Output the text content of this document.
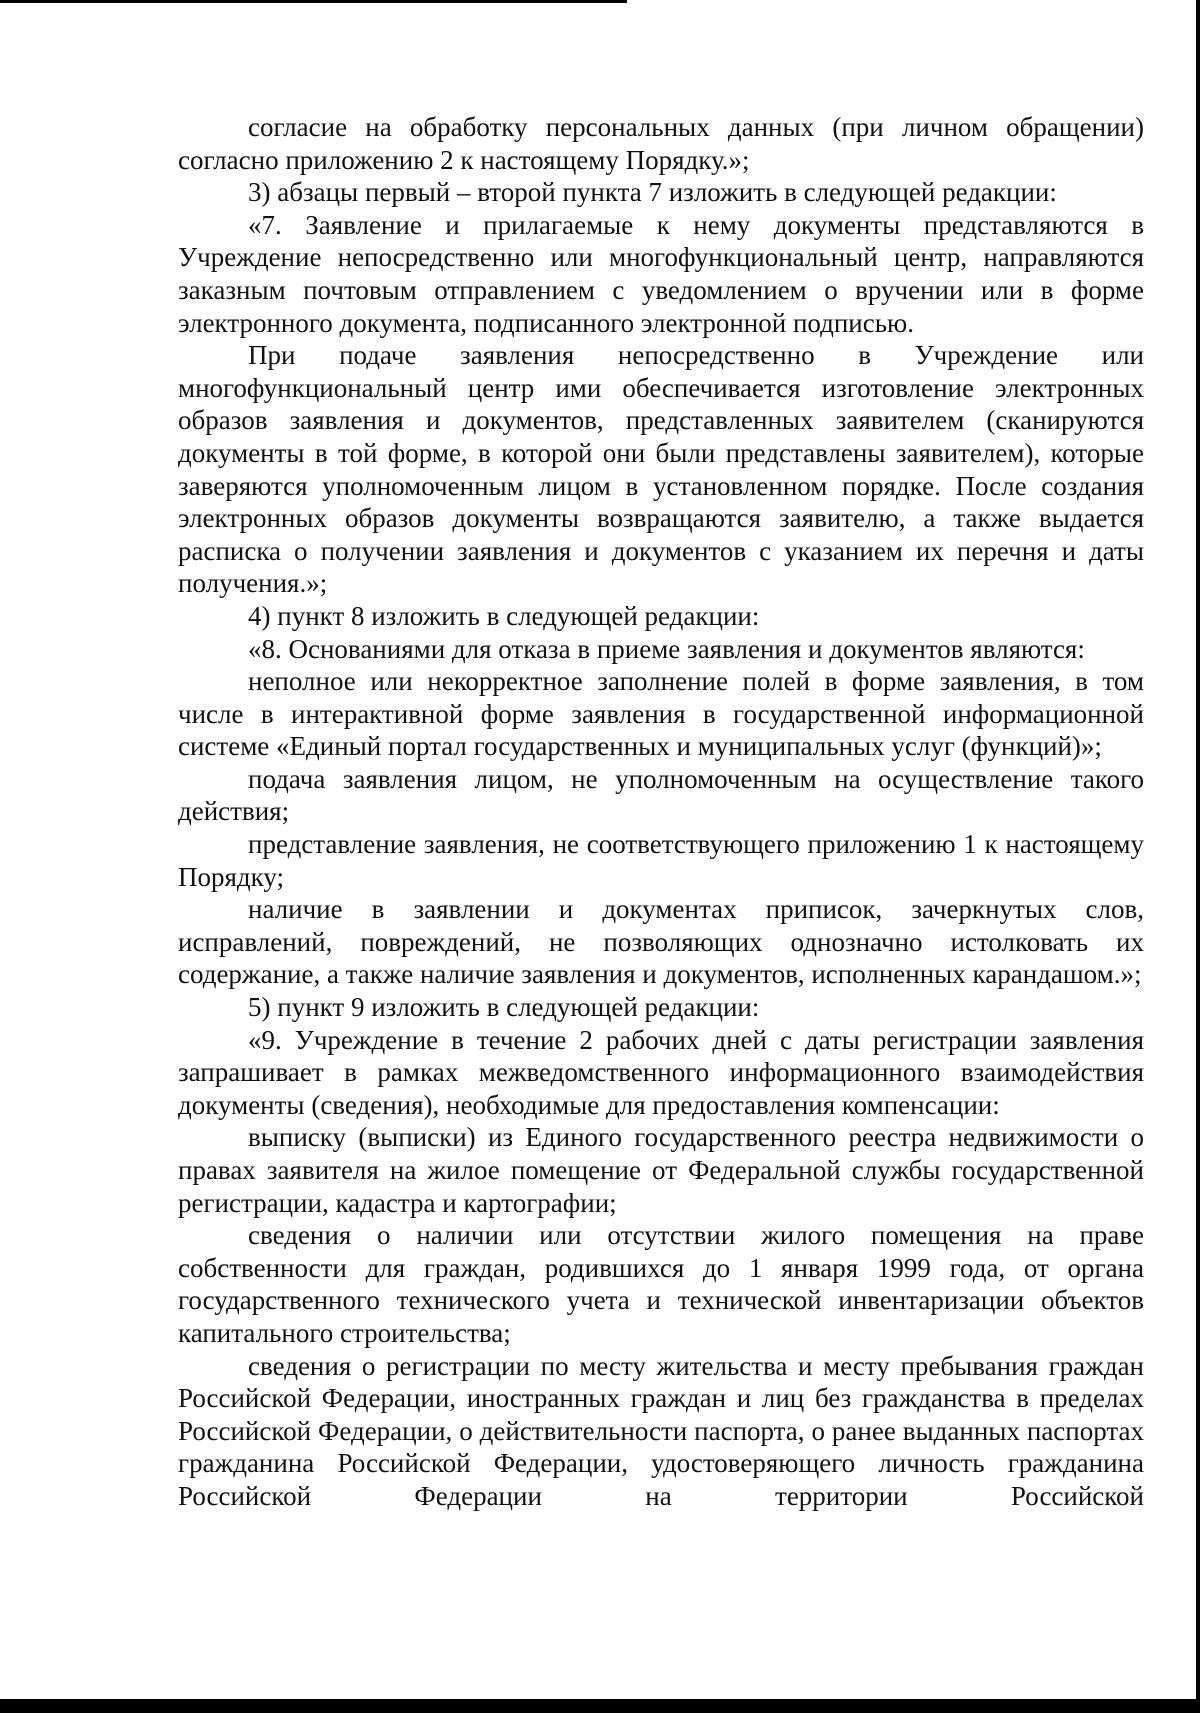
согласие на обработку персональных данных (при личном обращении) согласно приложению 2 к настоящему Порядку.»;

3) абзацы первый – второй пункта 7 изложить в следующей редакции:

«7. Заявление и прилагаемые к нему документы представляются в Учреждение непосредственно или многофункциональный центр, направляются заказным почтовым отправлением с уведомлением о вручении или в форме электронного документа, подписанного электронной подписью.

При подаче заявления непосредственно в Учреждение или многофункциональный центр ими обеспечивается изготовление электронных образов заявления и документов, представленных заявителем (сканируются документы в той форме, в которой они были представлены заявителем), которые заверяются уполномоченным лицом в установленном порядке. После создания электронных образов документы возвращаются заявителю, а также выдается расписка о получении заявления и документов с указанием их перечня и даты получения.»;

4) пункт 8 изложить в следующей редакции:

«8. Основаниями для отказа в приеме заявления и документов являются:

неполное или некорректное заполнение полей в форме заявления, в том числе в интерактивной форме заявления в государственной информационной системе «Единый портал государственных и муниципальных услуг (функций)»;

подача заявления лицом, не уполномоченным на осуществление такого действия;

представление заявления, не соответствующего приложению 1 к настоящему Порядку;

наличие в заявлении и документах приписок, зачеркнутых слов, исправлений, повреждений, не позволяющих однозначно истолковать их содержание, а также наличие заявления и документов, исполненных карандашом.»;

5) пункт 9 изложить в следующей редакции:

«9. Учреждение в течение 2 рабочих дней с даты регистрации заявления запрашивает в рамках межведомственного информационного взаимодействия документы (сведения), необходимые для предоставления компенсации:

выписку (выписки) из Единого государственного реестра недвижимости о правах заявителя на жилое помещение от Федеральной службы государственной регистрации, кадастра и картографии;

сведения о наличии или отсутствии жилого помещения на праве собственности для граждан, родившихся до 1 января 1999 года, от органа государственного технического учета и технической инвентаризации объектов капитального строительства;

сведения о регистрации по месту жительства и месту пребывания граждан Российской Федерации, иностранных граждан и лиц без гражданства в пределах Российской Федерации, о действительности паспорта, о ранее выданных паспортах гражданина Российской Федерации, удостоверяющего личность гражданина Российской Федерации на территории Российской
